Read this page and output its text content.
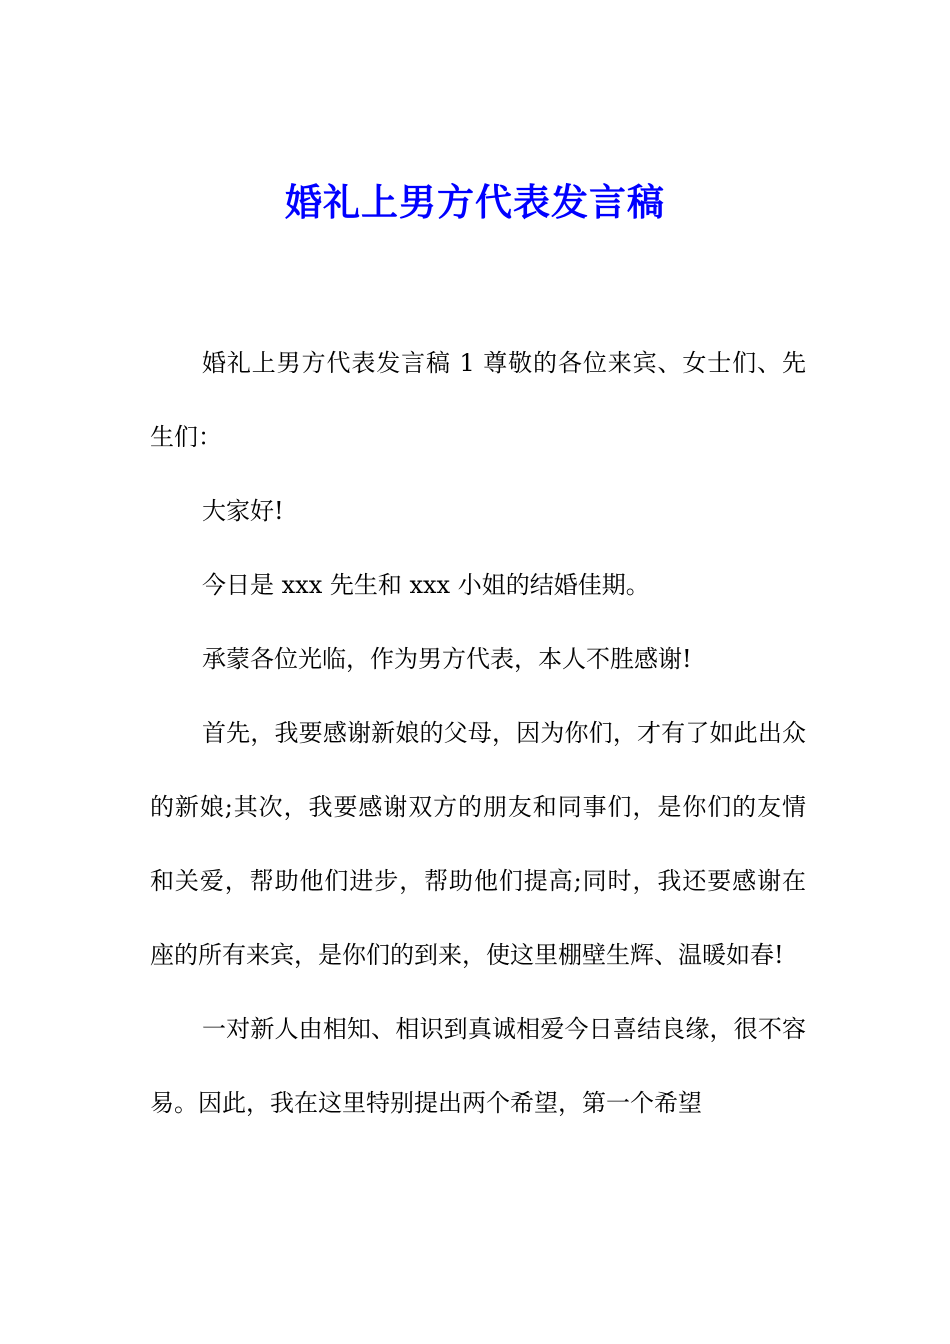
婚礼上男方代表发言稿

婚礼上男方代表发言稿 1 尊敬的各位来宾、女士们、先生们：

大家好!

今日是 xxx 先生和 xxx 小姐的结婚佳期。

承蒙各位光临，作为男方代表，本人不胜感谢!

首先，我要感谢新娘的父母，因为你们，才有了如此出众的新娘;其次，我要感谢双方的朋友和同事们，是你们的友情和关爱，帮助他们进步，帮助他们提高;同时，我还要感谢在座的所有来宾，是你们的到来，使这里棚壁生辉、温暖如春!

一对新人由相知、相识到真诚相爱今日喜结良缘，很不容易。因此，我在这里特别提出两个希望，第一个希望
